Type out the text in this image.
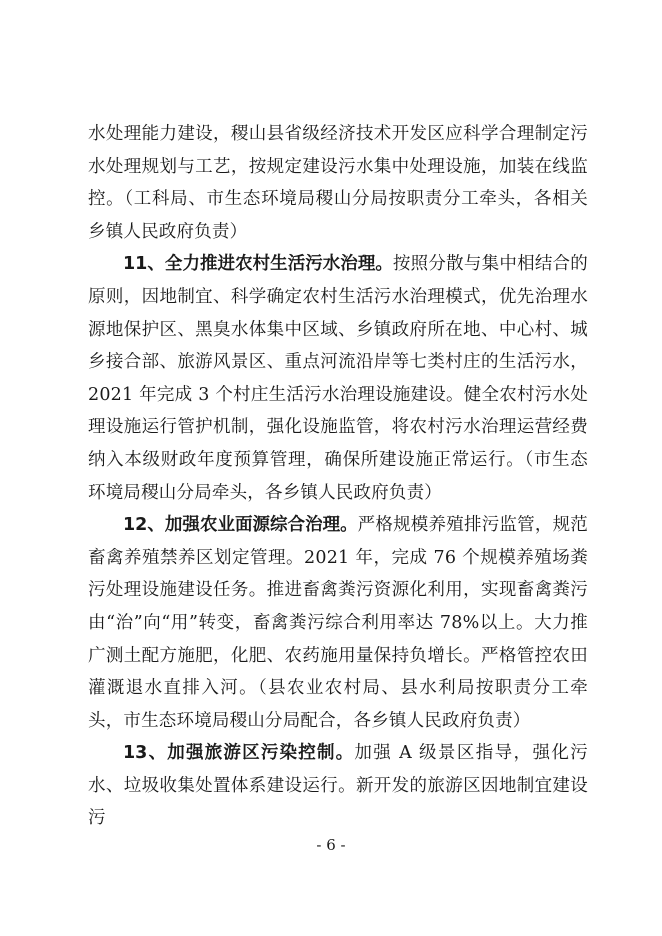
水处理能力建设，稷山县省级经济技术开发区应科学合理制定污水处理规划与工艺，按规定建设污水集中处理设施，加装在线监控。（工科局、市生态环境局稷山分局按职责分工牵头，各相关乡镇人民政府负责）

11、全力推进农村生活污水治理。按照分散与集中相结合的原则，因地制宜、科学确定农村生活污水治理模式，优先治理水源地保护区、黑臭水体集中区域、乡镇政府所在地、中心村、城乡接合部、旅游风景区、重点河流沿岸等七类村庄的生活污水，2021 年完成 3 个村庄生活污水治理设施建设。健全农村污水处理设施运行管护机制，强化设施监管，将农村污水治理运营经费纳入本级财政年度预算管理，确保所建设施正常运行。（市生态环境局稷山分局牵头，各乡镇人民政府负责）

12、加强农业面源综合治理。严格规模养殖排污监管，规范畜禽养殖禁养区划定管理。2021 年，完成 76 个规模养殖场粪污处理设施建设任务。推进畜禽粪污资源化利用，实现畜禽粪污由“治”向“用”转变，畜禽粪污综合利用率达 78%以上。大力推广测土配方施肥，化肥、农药施用量保持负增长。严格管控农田灌溉退水直排入河。（县农业农村局、县水利局按职责分工牵头，市生态环境局稷山分局配合，各乡镇人民政府负责）

13、加强旅游区污染控制。加强 A 级景区指导，强化污水、垃圾收集处置体系建设运行。新开发的旅游区因地制宜建设污

- 6 -
